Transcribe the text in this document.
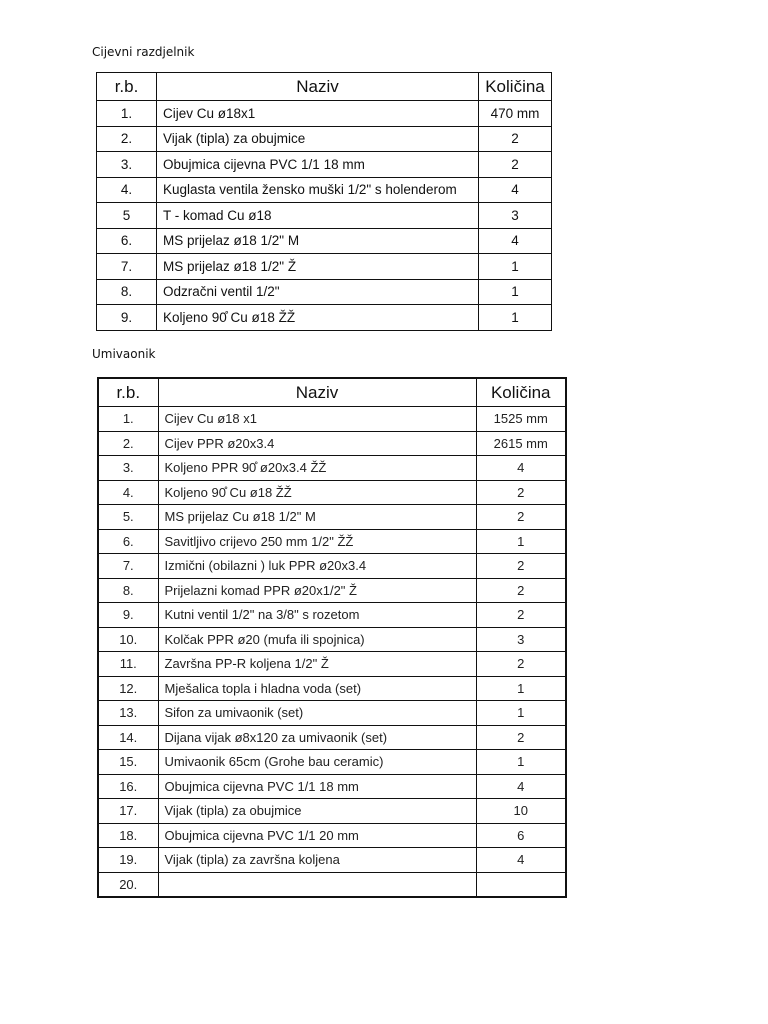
Cijevni razdjelnik
r.b.	Naziv	Količina
1.	Cijev Cu ø18x1	470 mm
2.	Vijak (tipla) za obujmice	2
3.	Obujmica cijevna PVC 1/1 18 mm	2
4.	Kuglasta ventila žensko muški 1/2" s holenderom	4
5	T - komad Cu ø18	3
6.	MS prijelaz ø18 1/2" M	4
7.	MS prijelaz ø18 1/2" Ž	1
8.	Odzračni ventil 1/2"	1
9.	Koljeno 90̊ Cu ø18 ŽŽ	1
Umivaonik
r.b.	Naziv	Količina
1.	Cijev Cu ø18 x1	1525 mm
2.	Cijev PPR ø20x3.4	2615 mm
3.	Koljeno PPR 90̊ ø20x3.4 ŽŽ	4
4.	Koljeno 90̊ Cu ø18 ŽŽ	2
5.	MS prijelaz Cu ø18 1/2" M	2
6.	Savitljivo crijevo 250 mm 1/2" ŽŽ	1
7.	Izmični (obilazni ) luk PPR ø20x3.4	2
8.	Prijelazni komad PPR ø20x1/2" Ž	2
9.	Kutni ventil 1/2" na 3/8" s rozetom	2
10.	Kolčak PPR ø20 (mufa ili spojnica)	3
11.	Završna PP-R koljena 1/2" Ž	2
12.	Mješalica topla i hladna voda (set)	1
13.	Sifon za umivaonik (set)	1
14.	Dijana vijak ø8x120 za umivaonik (set)	2
15.	Umivaonik 65cm (Grohe bau ceramic)	1
16.	Obujmica cijevna PVC 1/1 18 mm	4
17.	Vijak (tipla) za obujmice	10
18.	Obujmica cijevna PVC 1/1 20 mm	6
19.	Vijak (tipla) za završna koljena	4
20.		
